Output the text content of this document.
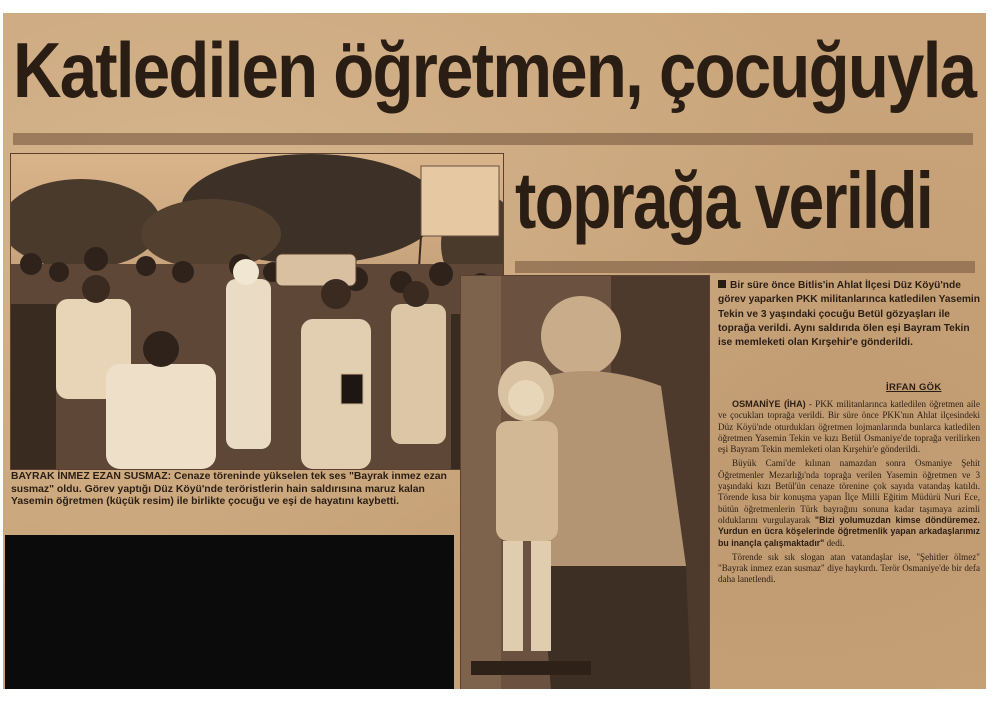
Katledilen öğretmen, çocuğuyla
toprağa verildi

BAYRAK İNMEZ EZAN SUSMAZ: Cenaze töreninde yükselen tek ses "Bayrak inmez ezan susmaz" oldu. Görev yaptığı Düz Köyü'nde teröristlerin hain saldırısına maruz kalan Yasemin öğretmen (küçük resim) ile birlikte çocuğu ve eşi de hayatını kaybetti.

Bir süre önce Bitlis'in Ahlat İlçesi Düz Köyü'nde görev yaparken PKK militanlarınca katledilen Yasemin Tekin ve 3 yaşındaki çocuğu Betül gözyaşları ile toprağa verildi. Aynı saldırıda ölen eşi Bayram Tekin ise memleketi olan Kırşehir'e gönderildi.

İRFAN GÖK

OSMANİYE (İHA) - PKK militanlarınca katledilen öğretmen aile ve çocukları toprağa verildi. Bir süre önce PKK'nın Ahlat ilçesindeki Düz Köyü'nde oturdukları öğretmen lojmanlarında bunlarca katledilen öğretmen Yasemin Tekin ve kızı Betül Osmaniye'de toprağa verilirken eşi Bayram Tekin memleketi olan Kırşehir'e gönderildi.

Büyük Cami'de kılınan namazdan sonra Osmaniye Şehit Öğretmenler Mezarlığı'nda toprağa verilen Yasemin öğretmen ve 3 yaşındaki kızı Betül'ün cenaze törenine çok sayıda vatandaş katıldı. Törende kısa bir konuşma yapan İlçe Milli Eğitim Müdürü Nuri Ece, bütün öğretmenlerin Türk bayrağını sonuna kadar taşımaya azimli olduklarını vurgulayarak "Bizi yolumuzdan kimse döndüremez. Yurdun en ücra köşelerinde öğretmenlik yapan arkadaşlarımız bu inançla çalışmaktadır" dedi.

Törende sık sık slogan atan vatandaşlar ise, "Şehitler ölmez" "Bayrak inmez ezan susmaz" diye haykırdı. Terör Osmaniye'de bir defa daha lanetlendi.
